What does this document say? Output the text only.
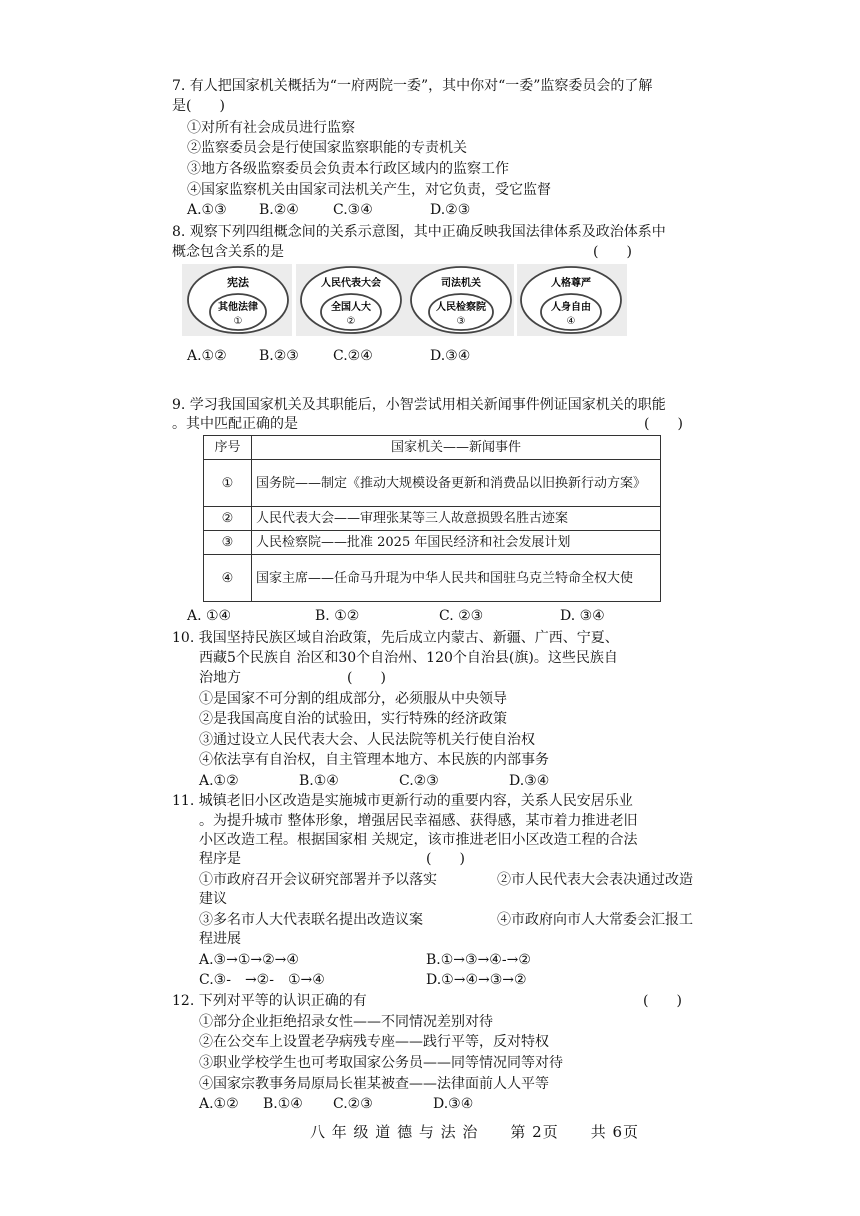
7. 有人把国家机关概括为“一府两院一委”，其中你对“一委”监察委员会的了解
是(　　)
①对所有社会成员进行监察
②监察委员会是行使国家监察职能的专责机关
③地方各级监察委员会负责本行政区域内的监察工作
④国家监察机关由国家司法机关产生，对它负责，受它监督
A.①③ B.②④ C.③④	D.②③
8. 观察下列四组概念间的关系示意图，其中正确反映我国法律体系及政治体系中
概念包含关系的是	(　　)
宪法
其他法律
①
人民代表大会
全国人大
②
司法机关
人民检察院
③
人格尊严
人身自由
④
A.①② B.②③ C.②④	D.③④
9. 学习我国国家机关及其职能后，小智尝试用相关新闻事件例证国家机关的职能
。其中匹配正确的是	(　　)
序号	国家机关——新闻事件
①	国务院——制定《推动大规模设备更新和消费品以旧换新行动方案》
②	人民代表大会——审理张某等三人故意损毁名胜古迹案
③	人民检察院——批准 2025 年国民经济和社会发展计划
④	国家主席——任命马升琨为中华人民共和国驻乌克兰特命全权大使
A. ①④	B. ①②	C. ②③	D. ③④
10. 我国坚持民族区域自治政策，先后成立内蒙古、新疆、广西、宁夏、
西藏5个民族自 治区和30个自治州、120个自治县(旗)。这些民族自
治地方	(　　)
①是国家不可分割的组成部分，必须服从中央领导
②是我国高度自治的试验田，实行特殊的经济政策
③通过设立人民代表大会、人民法院等机关行使自治权
④依法享有自治权，自主管理本地方、本民族的内部事务
A.①②	B.①④	C.②③	D.③④
11. 城镇老旧小区改造是实施城市更新行动的重要内容，关系人民安居乐业
。为提升城市 整体形象，增强居民幸福感、获得感，某市着力推进老旧
小区改造工程。根据国家相 关规定，该市推进老旧小区改造工程的合法
程序是	(　　)
①市政府召开会议研究部署并予以落实	②市人民代表大会表决通过改造
建议
③多名市人大代表联名提出改造议案	④市政府向市人大常委会汇报工
程进展
A.③→①→②→④	B.①→③→④-→②
C.③-　→②-　①→④	D.①→④→③→②
12. 下列对平等的认识正确的有	(　　)
①部分企业拒绝招录女性——不同情况差别对待
②在公交车上设置老孕病残专座——践行平等，反对特权
③职业学校学生也可考取国家公务员——同等情况同等对待
④国家宗教事务局原局长崔某被查——法律面前人人平等
A.①② B.①④ C.②③	D.③④
八 年 级 道 德 与 法 治　　第 2页　　共 6页
